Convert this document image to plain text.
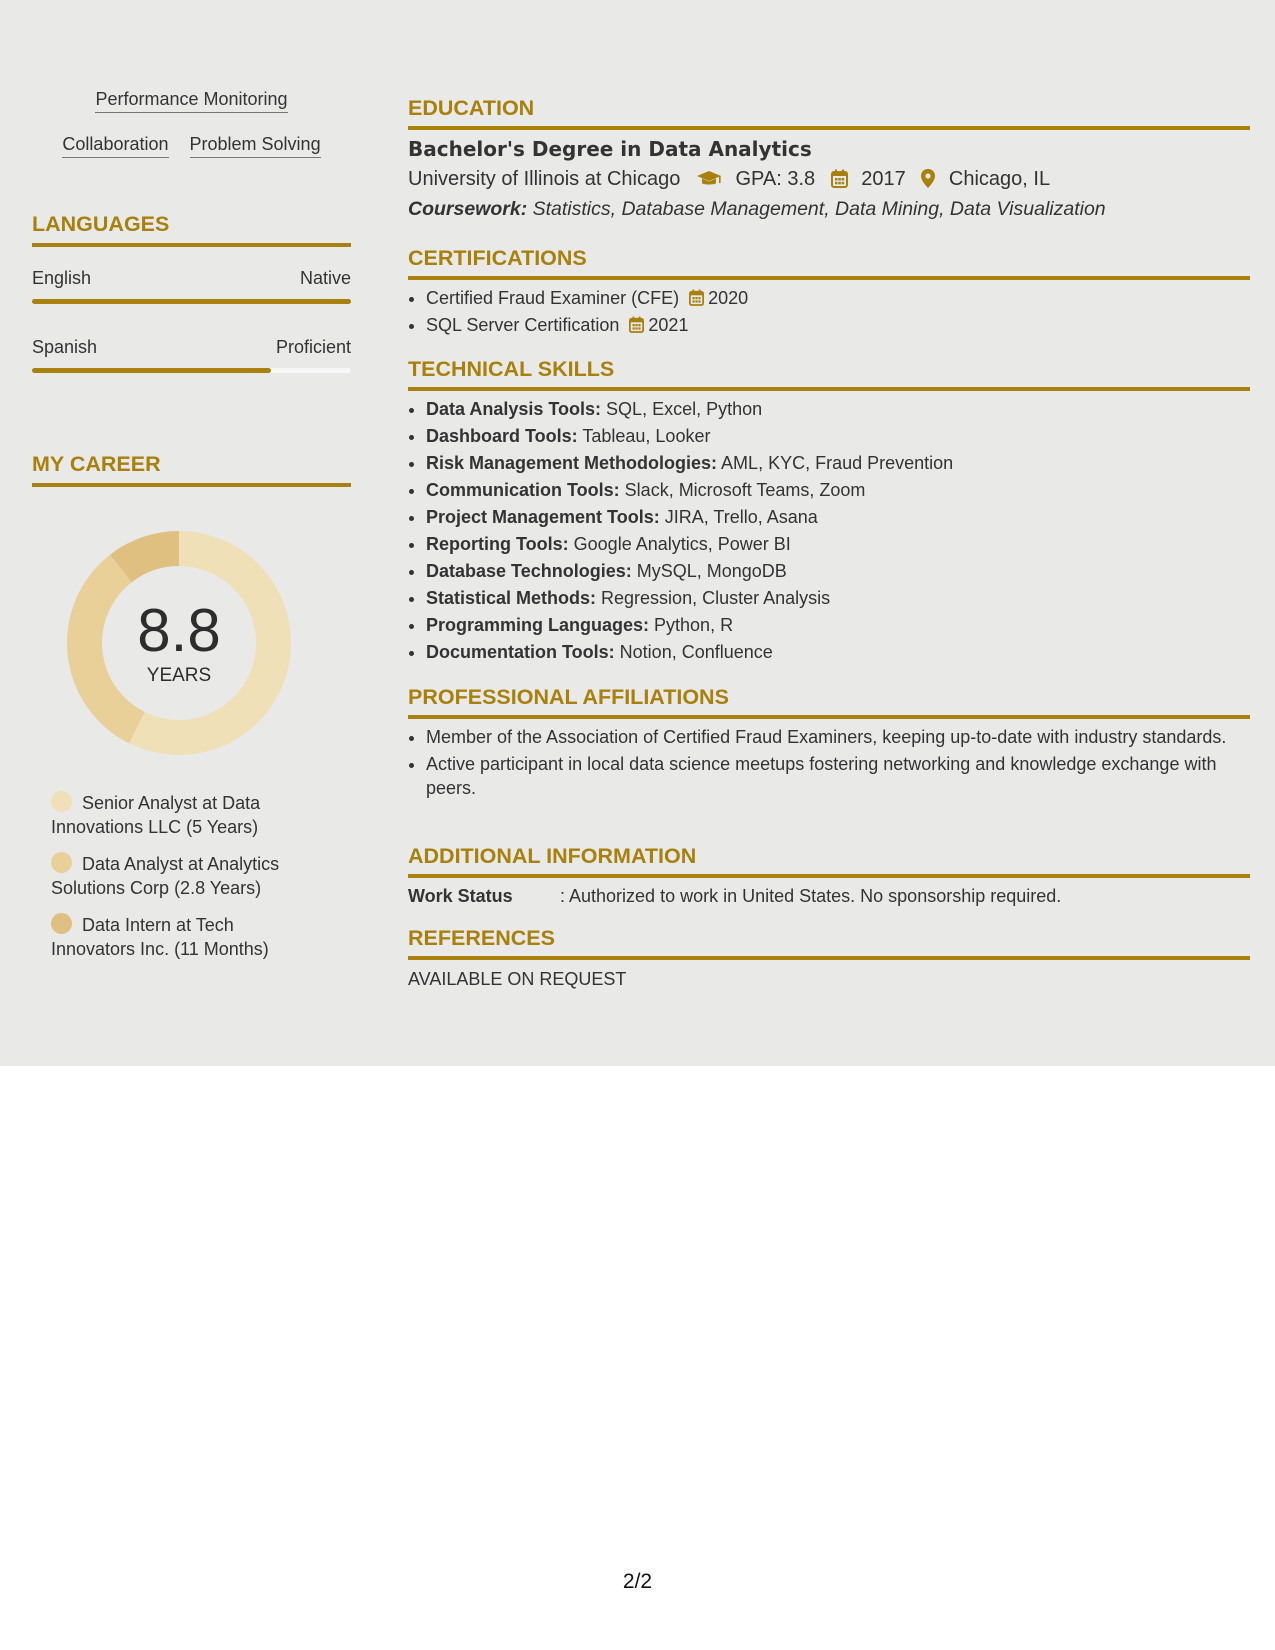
Performance Monitoring
Collaboration Problem Solving
LANGUAGES
English	Native
Spanish	Proficient
MY CAREER
8.8
YEARS
Senior Analyst at Data Innovations LLC (5 Years)
Data Analyst at Analytics Solutions Corp (2.8 Years)
Data Intern at Tech Innovators Inc. (11 Months)
EDUCATION
Bachelor's Degree in Data Analytics
University of Illinois at Chicago	GPA: 3.8 2017 Chicago, IL
Coursework: Statistics, Database Management, Data Mining, Data Visualization
CERTIFICATIONS
• Certified Fraud Examiner (CFE) 2020
• SQL Server Certification 2021
TECHNICAL SKILLS
• Data Analysis Tools: SQL, Excel, Python
• Dashboard Tools: Tableau, Looker
• Risk Management Methodologies: AML, KYC, Fraud Prevention
• Communication Tools: Slack, Microsoft Teams, Zoom
• Project Management Tools: JIRA, Trello, Asana
• Reporting Tools: Google Analytics, Power BI
• Database Technologies: MySQL, MongoDB
• Statistical Methods: Regression, Cluster Analysis
• Programming Languages: Python, R
• Documentation Tools: Notion, Confluence
PROFESSIONAL AFFILIATIONS
• Member of the Association of Certified Fraud Examiners, keeping up-to-date with industry standards.
• Active participant in local data science meetups fostering networking and knowledge exchange with peers.
ADDITIONAL INFORMATION
Work Status	: Authorized to work in United States. No sponsorship required.
REFERENCES
AVAILABLE ON REQUEST
2/2
